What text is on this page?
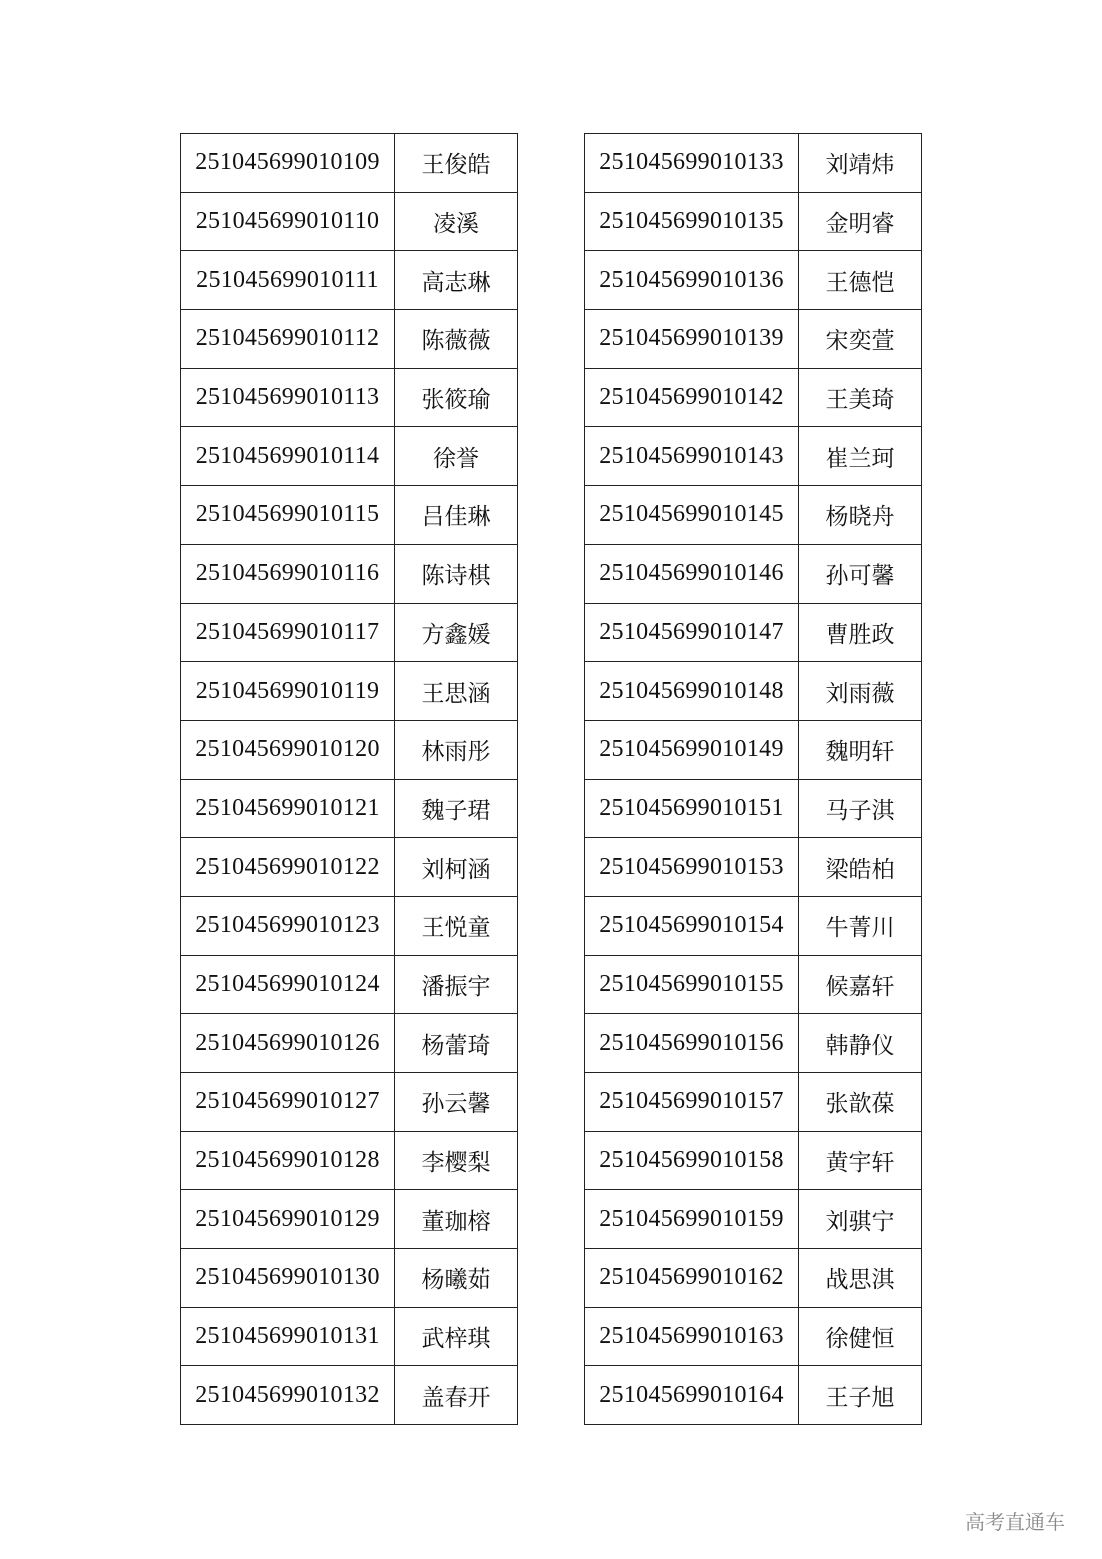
251045699010109	王俊皓
251045699010110	凌溪
251045699010111	高志琳
251045699010112	陈薇薇
251045699010113	张筱瑜
251045699010114	徐誉
251045699010115	吕佳琳
251045699010116	陈诗棋
251045699010117	方鑫媛
251045699010119	王思涵
251045699010120	林雨彤
251045699010121	魏子珺
251045699010122	刘柯涵
251045699010123	王悦童
251045699010124	潘振宇
251045699010126	杨蕾琦
251045699010127	孙云馨
251045699010128	李樱梨
251045699010129	董珈榕
251045699010130	杨曦茹
251045699010131	武梓琪
251045699010132	盖春开
251045699010133	刘靖炜
251045699010135	金明睿
251045699010136	王德恺
251045699010139	宋奕萱
251045699010142	王美琦
251045699010143	崔兰珂
251045699010145	杨晓舟
251045699010146	孙可馨
251045699010147	曹胜政
251045699010148	刘雨薇
251045699010149	魏明轩
251045699010151	马子淇
251045699010153	梁皓柏
251045699010154	牛菁川
251045699010155	候嘉轩
251045699010156	韩静仪
251045699010157	张歆葆
251045699010158	黄宇轩
251045699010159	刘骐宁
251045699010162	战思淇
251045699010163	徐健恒
251045699010164	王子旭
高考直通车
